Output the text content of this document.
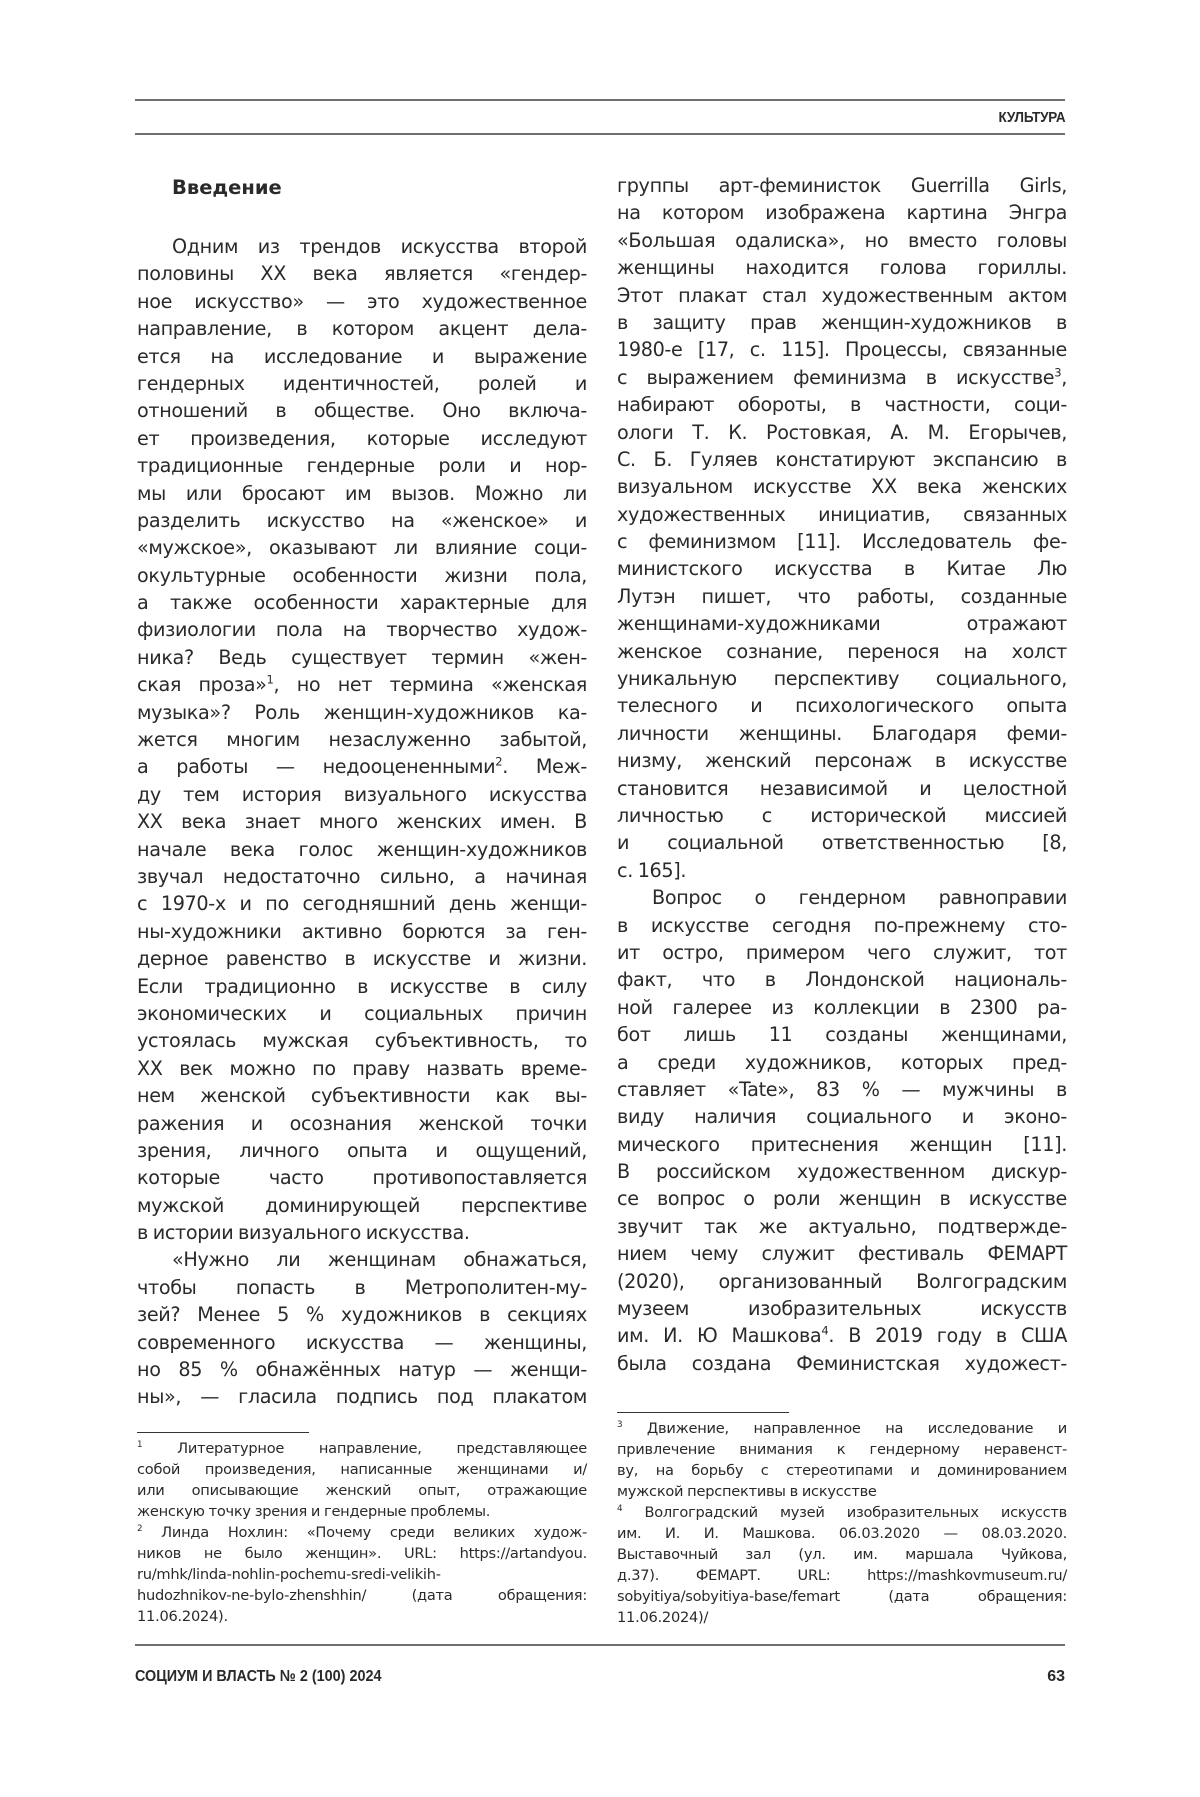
КУЛЬТУРА
Введение
Одним из трендов искусства второй
половины XX века является «гендер-
ное искусство» — это художественное
направление, в котором акцент дела-
ется на исследование и выражение
гендерных идентичностей, ролей и
отношений в обществе. Оно включа-
ет произведения, которые исследуют
традиционные гендерные роли и нор-
мы или бросают им вызов. Можно ли
разделить искусство на «женское» и
«мужское», оказывают ли влияние соци-
окультурные особенности жизни пола,
а также особенности характерные для
физиологии пола на творчество худож-
ника? Ведь существует термин «жен-
ская проза»$^1$, но нет термина «женская
музыка»? Роль женщин-художников ка-
жется многим незаслуженно забытой,
а работы — недооцененными$^2$. Меж-
ду тем история визуального искусства
XX века знает много женских имен. В
начале века голос женщин-художников
звучал недостаточно сильно, а начиная
с 1970-х и по сегодняшний день женщи-
ны-художники активно борются за ген-
дерное равенство в искусстве и жизни.
Если традиционно в искусстве в силу
экономических и социальных причин
устоялась мужская субъективность, то
XX век можно по праву назвать време-
нем женской субъективности как вы-
ражения и осознания женской точки
зрения, личного опыта и ощущений,
которые часто противопоставляется
мужской доминирующей перспективе
в истории визуального искусства.
«Нужно ли женщинам обнажаться,
чтобы попасть в Метрополитен-му-
зей? Менее 5 % художников в секциях
современного искусства — женщины,
но 85 % обнажённых натур — женщи-
ны», — гласила подпись под плакатом
группы арт-феминисток Guerrilla Girls,
на котором изображена картина Энгра
«Большая одалиска», но вместо головы
женщины находится голова гориллы.
Этот плакат стал художественным актом
в защиту прав женщин-художников в
1980-е [17, с. 115]. Процессы, связанные
с выражением феминизма в искусстве$^3$,
набирают обороты, в частности, соци-
ологи Т. К. Ростовкая, А. М. Егорычев,
С. Б. Гуляев констатируют экспансию в
визуальном искусстве XX века женских
художественных инициатив, связанных
с феминизмом [11]. Исследователь фе-
министского искусства в Китае Лю
Лутэн пишет, что работы, созданные
женщинами-художниками отражают
женское сознание, перенося на холст
уникальную перспективу социального,
телесного и психологического опыта
личности женщины. Благодаря феми-
низму, женский персонаж в искусстве
становится независимой и целостной
личностью с исторической миссией
и социальной ответственностью [8,
с. 165].
Вопрос о гендерном равноправии
в искусстве сегодня по-прежнему сто-
ит остро, примером чего служит, тот
факт, что в Лондонской националь-
ной галерее из коллекции в 2300 ра-
бот лишь 11 созданы женщинами,
а среди художников, которых пред-
ставляет «Tate», 83 % — мужчины в
виду наличия социального и эконо-
мического притеснения женщин [11].
В российском художественном дискур-
се вопрос о роли женщин в искусстве
звучит так же актуально, подтвержде-
нием чему служит фестиваль ФЕМАРТ
(2020), организованный Волгоградским
музеем изобразительных искусств
им. И. Ю Машкова$^4$. В 2019 году в США
была создана Феминистская художест-
$^1$ Литературное направление, представляющее
собой произведения, написанные женщинами и/
или описывающие женский опыт, отражающие
женскую точку зрения и гендерные проблемы.
$^2$ Линда Нохлин: «Почему среди великих худож-
ников не было женщин». URL: https://artandyou.
ru/mhk/linda-nohlin-pochemu-sredi-velikih-
hudozhnikov-ne-bylo-zhenshhin/ (дата обращения:
11.06.2024).
$^3$ Движение, направленное на исследование и
привлечение внимания к гендерному неравенст-
ву, на борьбу с стереотипами и доминированием
мужской перспективы в искусстве
$^4$ Волгоградский музей изобразительных искусств
им. И. И. Машкова. 06.03.2020 — 08.03.2020.
Выставочный зал (ул. им. маршала Чуйкова,
д.37). ФЕМАРТ. URL: https://mashkovmuseum.ru/
sobyitiya/sobyitiya-base/femart (дата обращения:
11.06.2024)/
СОЦИУМ И ВЛАСТЬ № 2 (100) 2024	63
